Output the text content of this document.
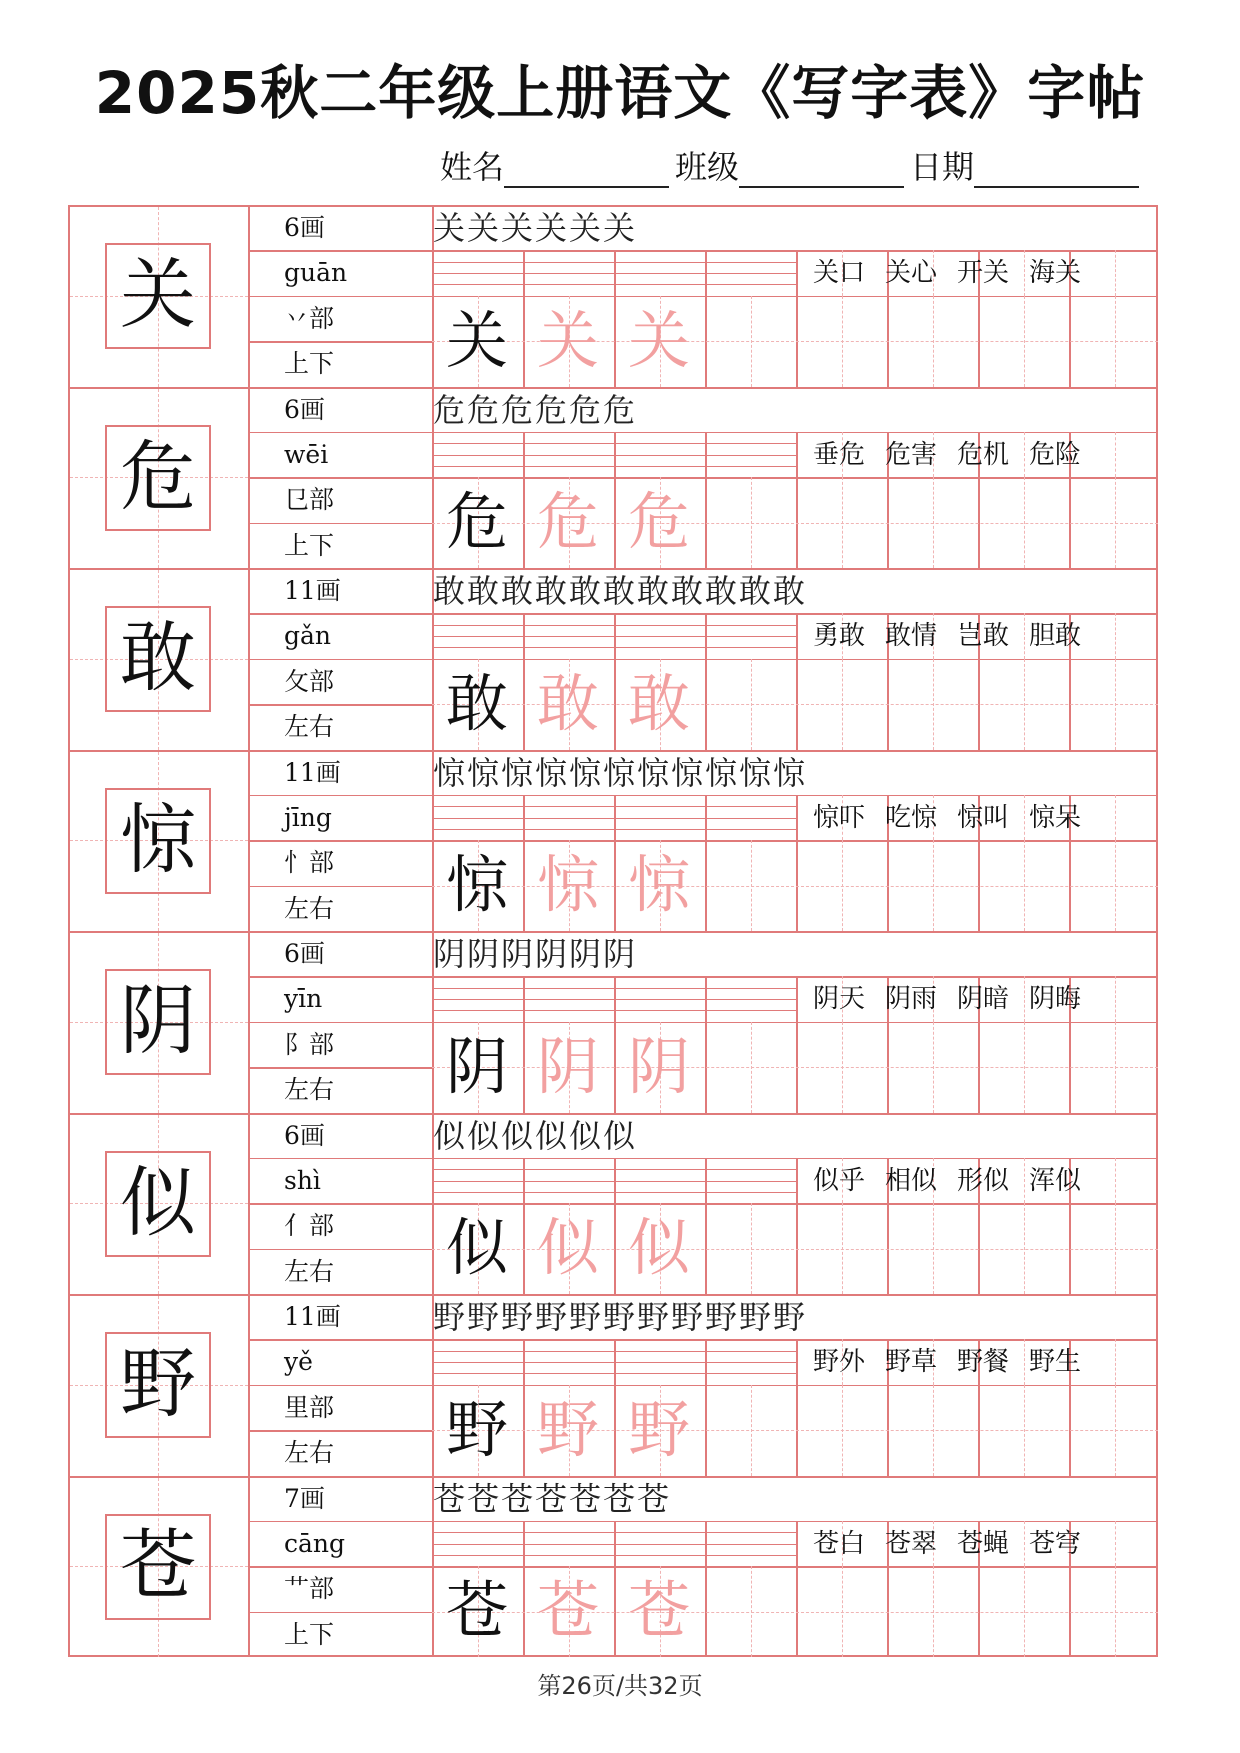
2025秋二年级上册语文《写字表》字帖
姓名	班级	日期
关
6画
guān
丷部
上下
关关关关关关
关口 关心 开关 海关
关 关 关
危
6画
wēi
㔾部
上下
危危危危危危
垂危 危害 危机 危险
危 危 危
敢
11画
gǎn
攵部
左右
敢敢敢敢敢敢敢敢敢敢敢
勇敢 敢情 岂敢 胆敢
敢 敢 敢
惊
11画
jīng
忄部
左右
惊惊惊惊惊惊惊惊惊惊惊
惊吓 吃惊 惊叫 惊呆
惊 惊 惊
阴
6画
yīn
阝部
左右
阴阴阴阴阴阴
阴天 阴雨 阴暗 阴晦
阴 阴 阴
似
6画
shì
亻部
左右
似似似似似似
似乎 相似 形似 浑似
似 似 似
野
11画
yě
里部
左右
野野野野野野野野野野野
野外 野草 野餐 野生
野 野 野
苍
7画
cāng
艹部
上下
苍苍苍苍苍苍苍
苍白 苍翠 苍蝇 苍穹
苍 苍 苍
第26页/共32页
